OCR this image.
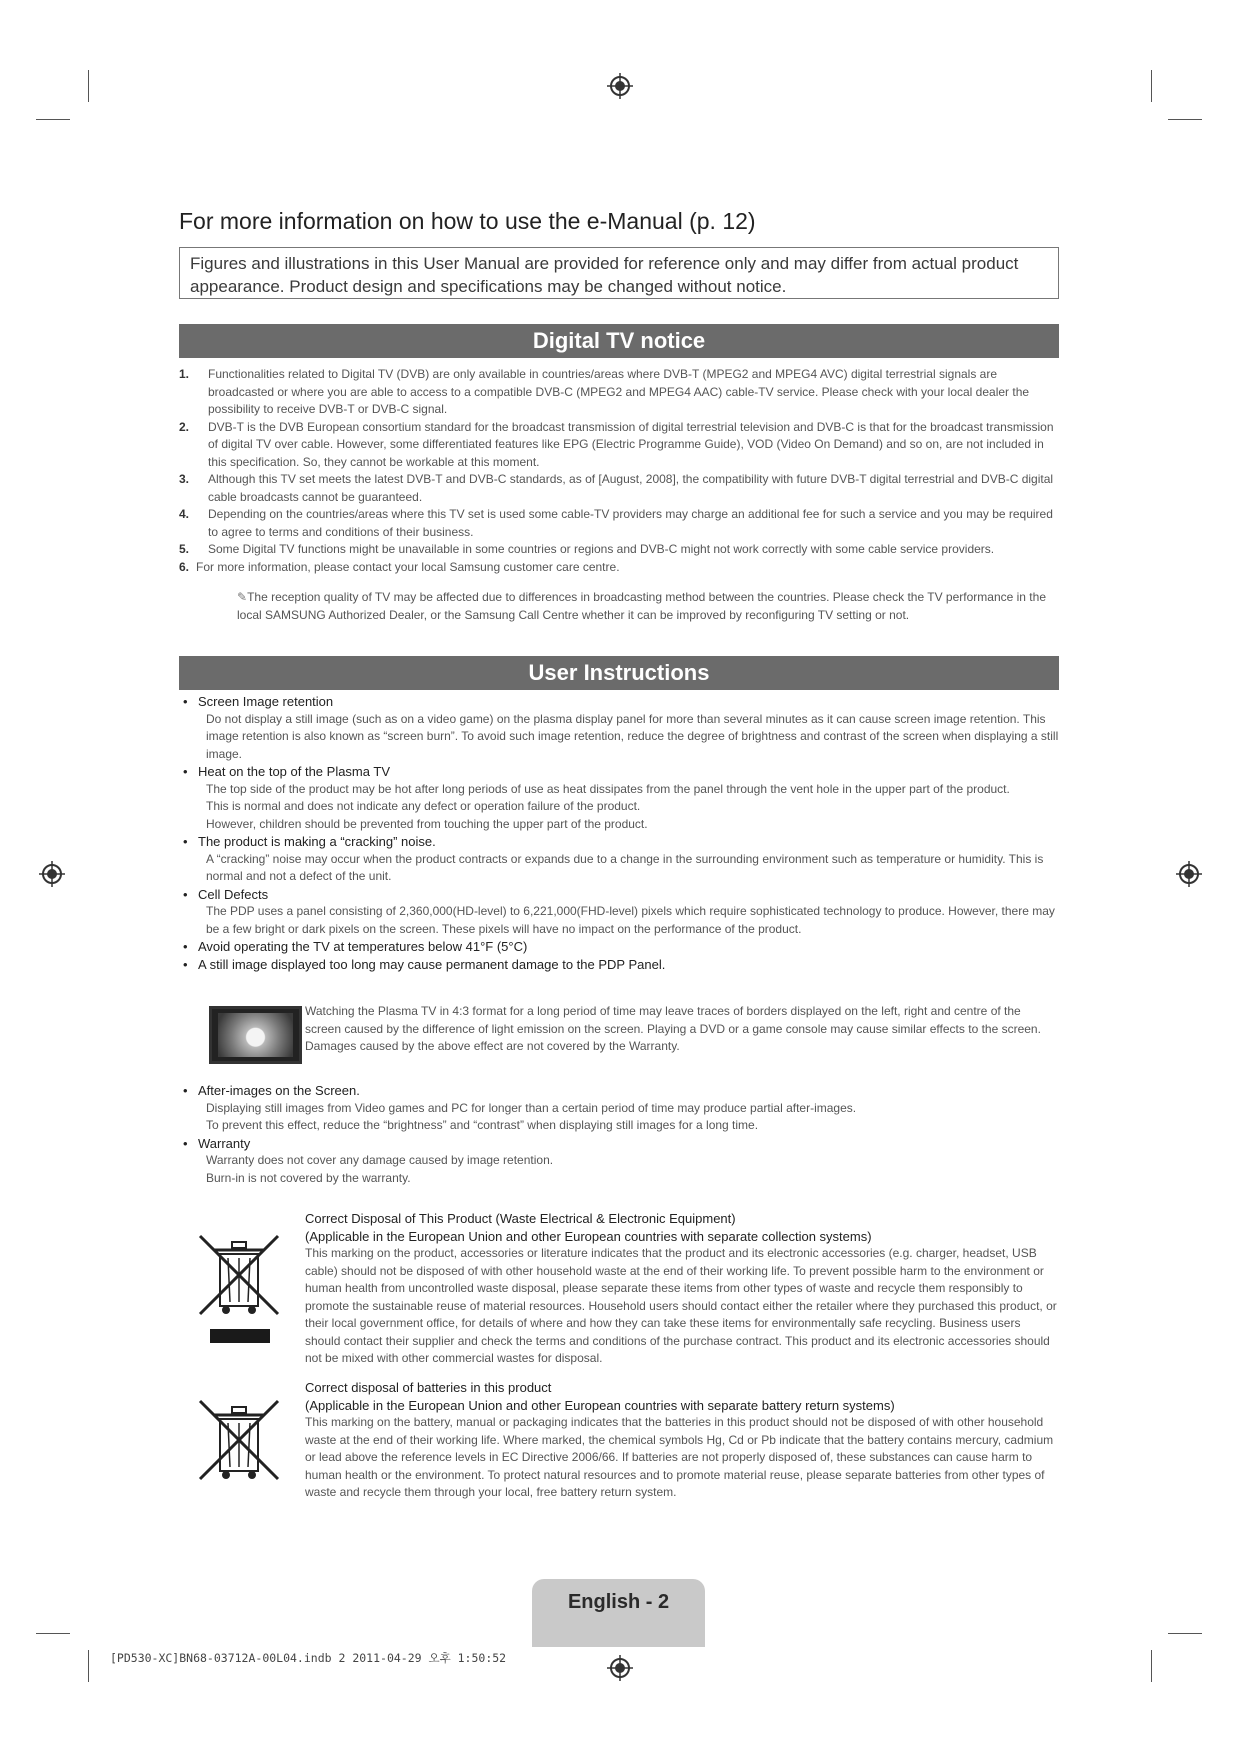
For more information on how to use the e-Manual (p. 12)
Figures and illustrations in this User Manual are provided for reference only and may differ from actual product appearance. Product design and specifications may be changed without notice.
Digital TV notice
1. Functionalities related to Digital TV (DVB) are only available in countries/areas where DVB-T (MPEG2 and MPEG4 AVC) digital terrestrial signals are broadcasted or where you are able to access to a compatible DVB-C (MPEG2 and MPEG4 AAC) cable-TV service. Please check with your local dealer the possibility to receive DVB-T or DVB-C signal.
2. DVB-T is the DVB European consortium standard for the broadcast transmission of digital terrestrial television and DVB-C is that for the broadcast transmission of digital TV over cable. However, some differentiated features like EPG (Electric Programme Guide), VOD (Video On Demand) and so on, are not included in this specification. So, they cannot be workable at this moment.
3. Although this TV set meets the latest DVB-T and DVB-C standards, as of [August, 2008], the compatibility with future DVB-T digital terrestrial and DVB-C digital cable broadcasts cannot be guaranteed.
4. Depending on the countries/areas where this TV set is used some cable-TV providers may charge an additional fee for such a service and you may be required to agree to terms and conditions of their business.
5. Some Digital TV functions might be unavailable in some countries or regions and DVB-C might not work correctly with some cable service providers.
6. For more information, please contact your local Samsung customer care centre.
✎The reception quality of TV may be affected due to differences in broadcasting method between the countries. Please check the TV performance in the local SAMSUNG Authorized Dealer, or the Samsung Call Centre whether it can be improved by reconfiguring TV setting or not.
User Instructions
• Screen Image retention
Do not display a still image (such as on a video game) on the plasma display panel for more than several minutes as it can cause screen image retention. This image retention is also known as “screen burn”. To avoid such image retention, reduce the degree of brightness and contrast of the screen when displaying a still image.
• Heat on the top of the Plasma TV
The top side of the product may be hot after long periods of use as heat dissipates from the panel through the vent hole in the upper part of the product.
This is normal and does not indicate any defect or operation failure of the product.
However, children should be prevented from touching the upper part of the product.
• The product is making a “cracking” noise.
A “cracking” noise may occur when the product contracts or expands due to a change in the surrounding environment such as temperature or humidity. This is normal and not a defect of the unit.
• Cell Defects
The PDP uses a panel consisting of 2,360,000(HD-level) to 6,221,000(FHD-level) pixels which require sophisticated technology to produce. However, there may be a few bright or dark pixels on the screen. These pixels will have no impact on the performance of the product.
• Avoid operating the TV at temperatures below 41°F (5°C)
• A still image displayed too long may cause permanent damage to the PDP Panel.
Watching the Plasma TV in 4:3 format for a long period of time may leave traces of borders displayed on the left, right and centre of the screen caused by the difference of light emission on the screen. Playing a DVD or a game console may cause similar effects to the screen.
Damages caused by the above effect are not covered by the Warranty.
• After-images on the Screen.
Displaying still images from Video games and PC for longer than a certain period of time may produce partial after-images.
To prevent this effect, reduce the “brightness” and “contrast” when displaying still images for a long time.
• Warranty
Warranty does not cover any damage caused by image retention.
Burn-in is not covered by the warranty.
Correct Disposal of This Product (Waste Electrical & Electronic Equipment)
(Applicable in the European Union and other European countries with separate collection systems)
This marking on the product, accessories or literature indicates that the product and its electronic accessories (e.g. charger, headset, USB cable) should not be disposed of with other household waste at the end of their working life. To prevent possible harm to the environment or human health from uncontrolled waste disposal, please separate these items from other types of waste and recycle them responsibly to promote the sustainable reuse of material resources. Household users should contact either the retailer where they purchased this product, or their local government office, for details of where and how they can take these items for environmentally safe recycling. Business users should contact their supplier and check the terms and conditions of the purchase contract. This product and its electronic accessories should not be mixed with other commercial wastes for disposal.
Correct disposal of batteries in this product
(Applicable in the European Union and other European countries with separate battery return systems)
This marking on the battery, manual or packaging indicates that the batteries in this product should not be disposed of with other household waste at the end of their working life. Where marked, the chemical symbols Hg, Cd or Pb indicate that the battery contains mercury, cadmium or lead above the reference levels in EC Directive 2006/66. If batteries are not properly disposed of, these substances can cause harm to human health or the environment. To protect natural resources and to promote material reuse, please separate batteries from other types of waste and recycle them through your local, free battery return system.
English - 2
[PD530-XC]BN68-03712A-00L04.indb 2 2011-04-29 오후 1:50:52
